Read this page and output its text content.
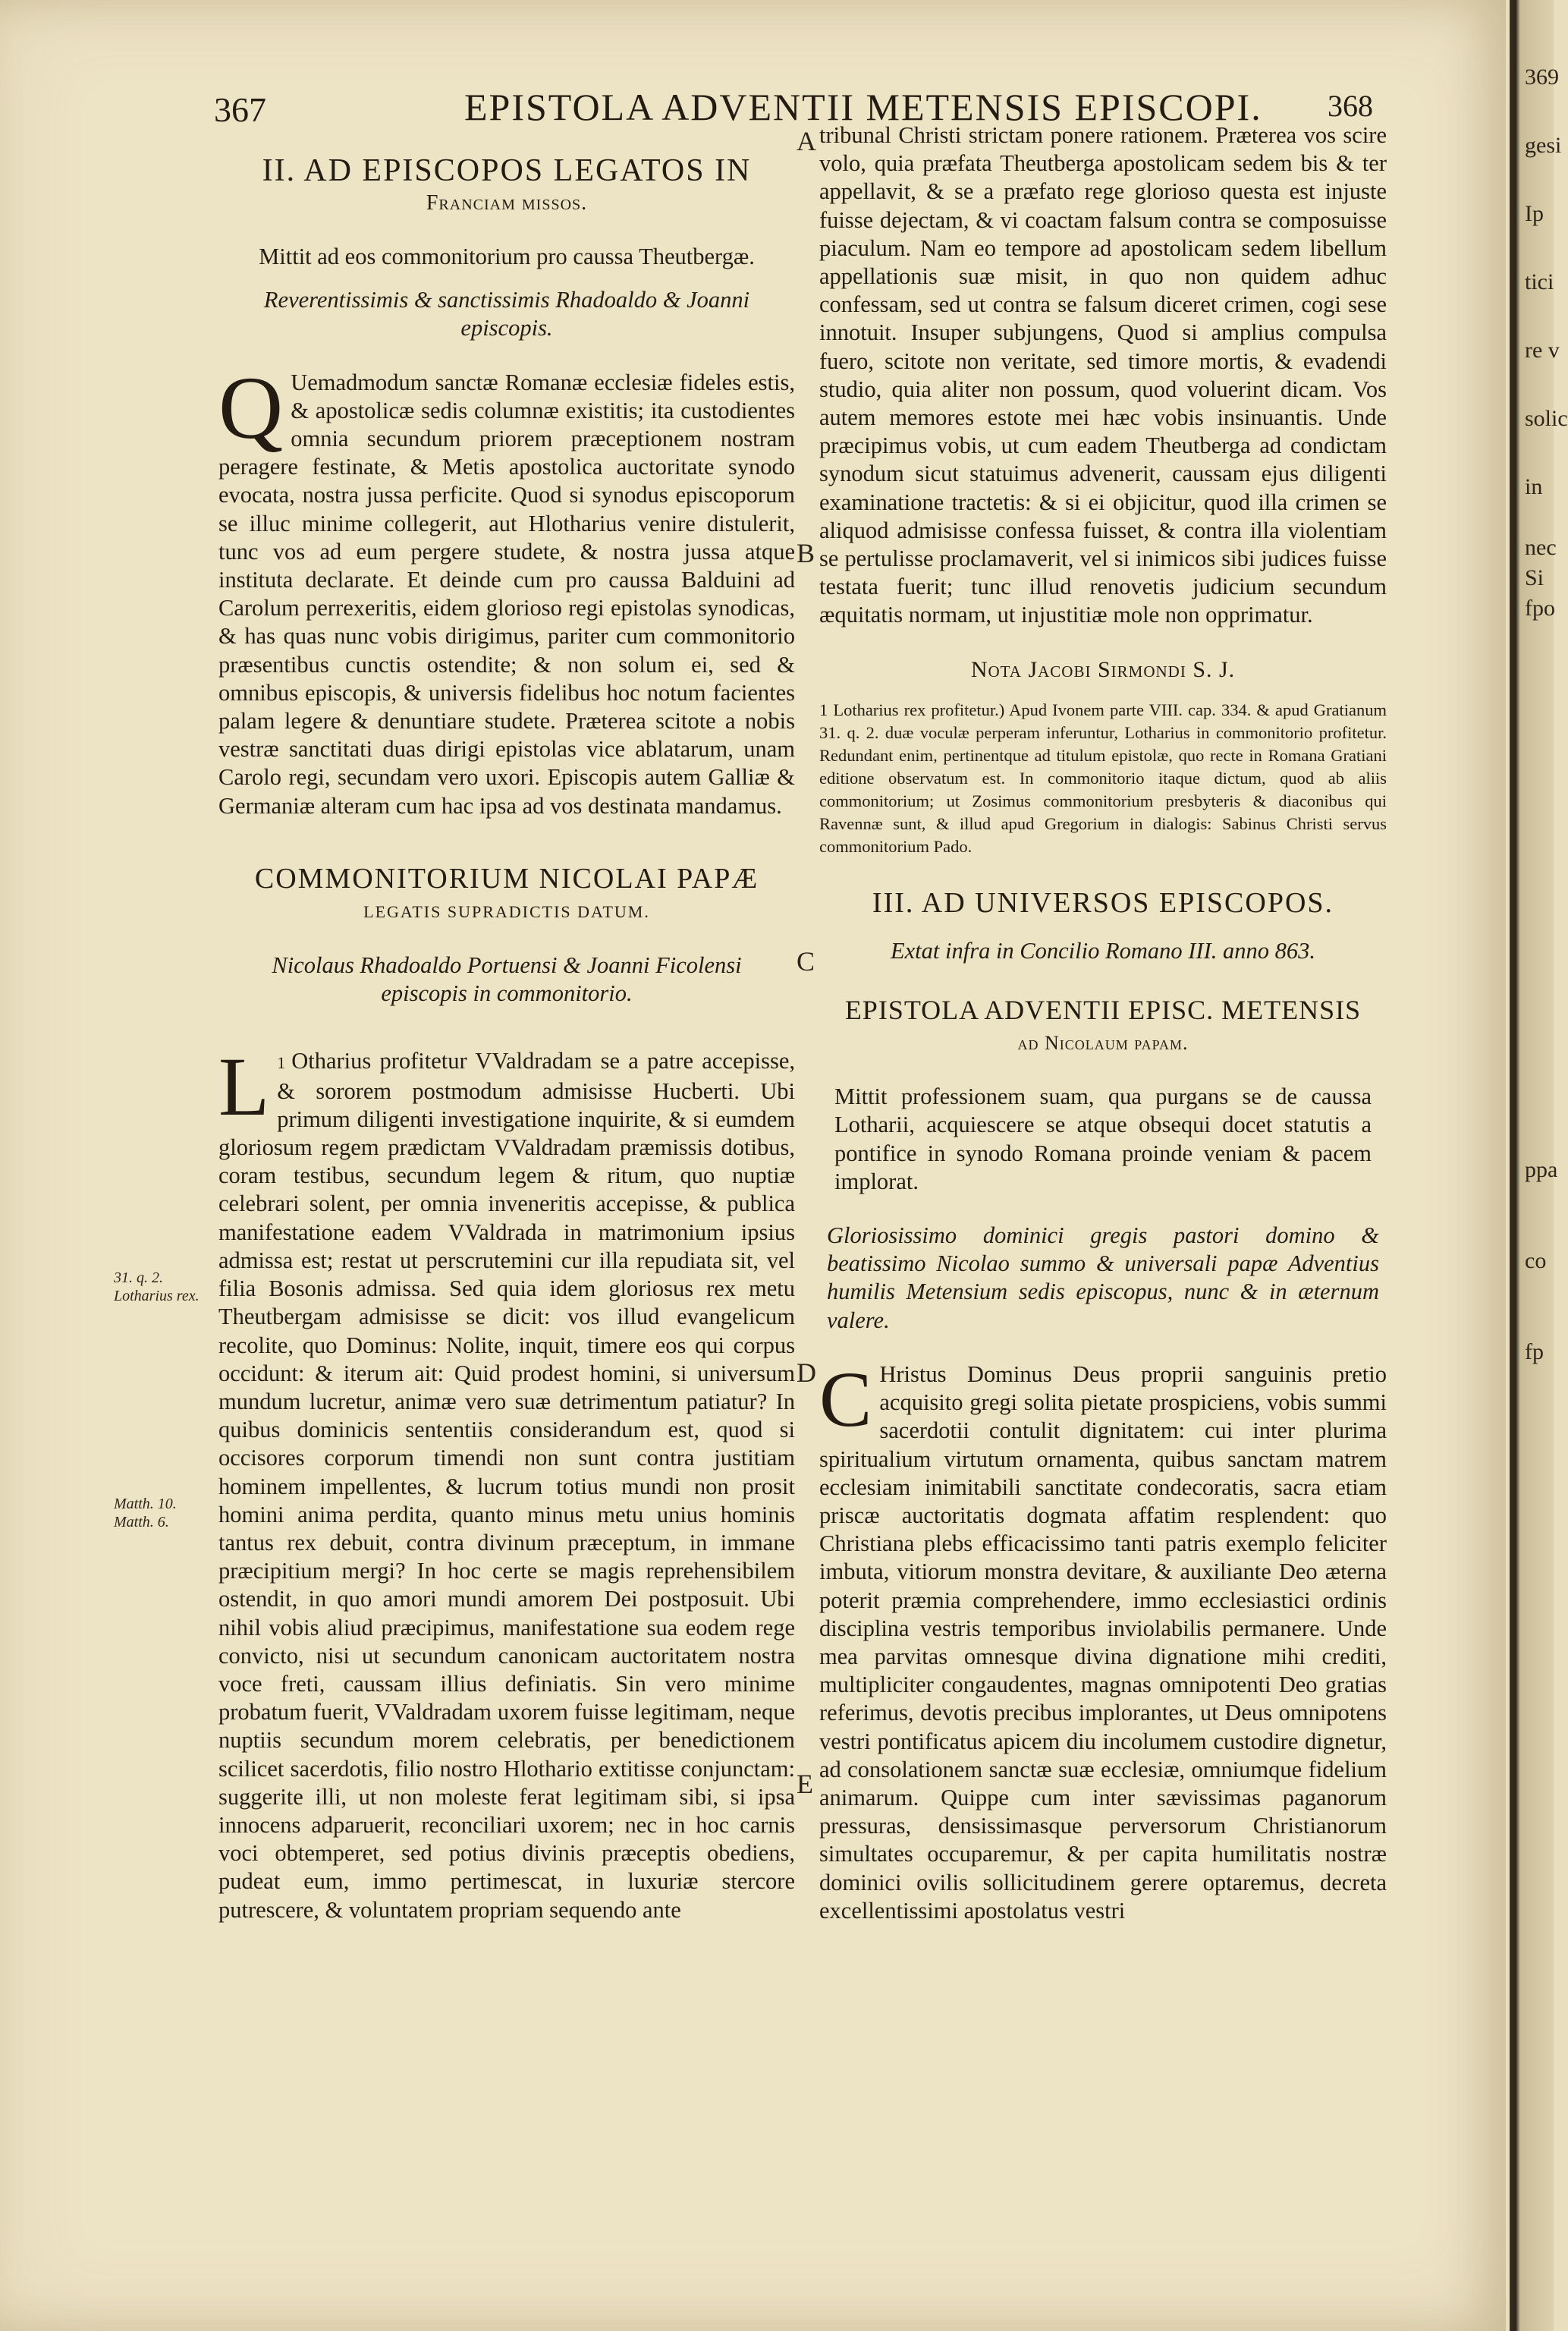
367	EPISTOLA ADVENTII METENSIS EPISCOPI. 368
II. AD EPISCOPOS LEGATOS IN
Franciam missos.

Mittit ad eos commonitorium pro caussa Theutbergæ.

Reverentissimis & sanctissimis Rhadoaldo & Joanni episcopis.

Q Uemadmodum sanctæ Romanæ ecclesiæ fideles estis, & apostolicæ sedis columnæ existitis; ita custodientes omnia secundum priorem præceptionem nostram peragere festinate, & Metis apostolica auctoritate synodo evocata, nostra jussa perficite. Quod si synodus episcoporum se illuc minime collegerit, aut Hlotharius venire distulerit, tunc vos ad eum pergere studete, & nostra jussa atque instituta declarate. Et deinde cum pro caussa Balduini ad Carolum perrexeritis, eidem glorioso regi epistolas synodicas, & has quas nunc vobis dirigimus, pariter cum commonitorio præsentibus cunctis ostendite; & non solum ei, sed & omnibus episcopis, & universis fidelibus hoc notum facientes palam legere & denuntiare studete. Præterea scitote a nobis vestræ sanctitati duas dirigi epistolas vice ablatarum, unam Carolo regi, secundam vero uxori. Episcopis autem Galliæ & Germaniæ alteram cum hac ipsa ad vos destinata mandamus.

COMMONITORIUM NICOLAI PAPÆ
LEGATIS SUPRADICTIS DATUM.

Nicolaus Rhadoaldo Portuensi & Joanni Ficolensi episcopis in commonitorio.

1
L Otharius profitetur VValdradam se a patre accepisse, & sororem postmodum admisisse Hucberti. Ubi primum diligenti investigatione inquirite, & si eumdem gloriosum regem prædictam VValdradam præmissis dotibus, coram testibus, secundum legem & ritum, quo nuptiæ celebrari solent, per omnia inveneritis accepisse, & publica manifestatione eadem VValdrada in matrimonium ipsius admissa est; restat ut perscrutemini cur illa repudiata sit, vel filia Bosonis admissa. Sed quia idem gloriosus rex metu Theutbergam admisisse se dicit: vos illud evangelicum recolite, quo Dominus: Nolite, inquit, timere eos qui corpus occidunt: & iterum ait: Quid prodest homini, si universum mundum lucretur, animæ vero suæ detrimentum patiatur? In quibus dominicis sententiis considerandum est, quod si occisores corporum timendi non sunt contra justitiam hominem impellentes, & lucrum totius mundi non prosit homini anima perdita, quanto minus metu unius hominis tantus rex debuit, contra divinum præceptum, in immane præcipitium mergi? In hoc certe se magis reprehensibilem ostendit, in quo amori mundi amorem Dei postposuit. Ubi nihil vobis aliud præcipimus, manifestatione sua eodem rege convicto, nisi ut secundum canonicam auctoritatem nostra voce freti, caussam illius definiatis. Sin vero minime probatum fuerit, VValdradam uxorem fuisse legitimam, neque nuptiis secundum morem celebratis, per benedictionem scilicet sacerdotis, filio nostro Hlothario extitisse conjunctam: suggerite illi, ut non moleste ferat legitimam sibi, si ipsa innocens adparuerit, reconciliari uxorem; nec in hoc carnis voci obtemperet, sed potius divinis præceptis obediens, pudeat eum, immo pertimescat, in luxuriæ stercore putrescere, & voluntatem propriam sequendo ante

tribunal Christi strictam ponere rationem. Præterea vos scire volo, quia præfata Theutberga apostolicam sedem bis & ter appellavit, & se a præfato rege glorioso questa est injuste fuisse dejectam, & vi coactam falsum contra se composuisse piaculum. Nam eo tempore ad apostolicam sedem libellum appellationis suæ misit, in quo non quidem adhuc confessam, sed ut contra se falsum diceret crimen, cogi sese innotuit. Insuper subjungens, Quod si amplius compulsa fuero, scitote non veritate, sed timore mortis, & evadendi studio, quia aliter non possum, quod voluerint dicam. Vos autem memores estote mei hæc vobis insinuantis. Unde præcipimus vobis, ut cum eadem Theutberga ad condictam synodum sicut statuimus advenerit, caussam ejus diligenti examinatione tractetis: & si ei objicitur, quod illa crimen se aliquod admisisse confessa fuisset, & contra illa violentiam se pertulisse proclamaverit, vel si inimicos sibi judices fuisse testata fuerit; tunc illud renovetis judicium secundum æquitatis normam, ut injustitiæ mole non opprimatur.

Nota Jacobi Sirmondi S. J.

1 Lotharius rex profitetur.) Apud Ivonem parte VIII. cap. 334. & apud Gratianum 31. q. 2. duæ voculæ perperam inferuntur, Lotharius in commonitorio profitetur. Redundant enim, pertinentque ad titulum epistolæ, quo recte in Romana Gratiani editione observatum est. In commonitorio itaque dictum, quod ab aliis commonitorium; ut Zosimus commonitorium presbyteris & diaconibus qui Ravennæ sunt, & illud apud Gregorium in dialogis: Sabinus Christi servus commonitorium Pado.

III. AD UNIVERSOS EPISCOPOS.

Extat infra in Concilio Romano III. anno 863.

EPISTOLA ADVENTII EPISC. METENSIS
ad Nicolaum papam.

Mittit professionem suam, qua purgans se de caussa Lotharii, acquiescere se atque obsequi docet statutis a pontifice in synodo Romana proinde veniam & pacem implorat.

Gloriosissimo dominici gregis pastori domino & beatissimo Nicolao summo & universali papæ Adventius humilis Metensium sedis episcopus, nunc & in æternum valere.

C Hristus Dominus Deus proprii sanguinis pretio acquisito gregi solita pietate prospiciens, vobis summi sacerdotii contulit dignitatem: cui inter plurima spiritualium virtutum ornamenta, quibus sanctam matrem ecclesiam inimitabili sanctitate condecoratis, sacra etiam priscæ auctoritatis dogmata affatim resplendent: quo Christiana plebs efficacissimo tanti patris exemplo feliciter imbuta, vitiorum monstra devitare, & auxiliante Deo æterna poterit præmia comprehendere, immo ecclesiastici ordinis disciplina vestris temporibus inviolabilis permanere. Unde mea parvitas omnesque divina dignatione mihi crediti, multipliciter congaudentes, magnas omnipotenti Deo gratias referimus, devotis precibus implorantes, ut Deus omnipotens vestri pontificatus apicem diu incolumem custodire dignetur, ad consolationem sanctæ suæ ecclesiæ, omniumque fidelium animarum. Quippe cum inter sævissimas paganorum pressuras, densissimasque perversorum Christianorum simultates occuparemur, & per capita humilitatis nostræ dominici ovilis sollicitudinem gerere optaremus, decreta excellentissimi apostolatus vestri

A
B
C
D
E
31. q. 2. Lotharius rex.
Matth. 10. Matth. 6.
369
gesi
Ip
tici
re v
solic
in
nec
Si
fpo
ppa
co
fp
